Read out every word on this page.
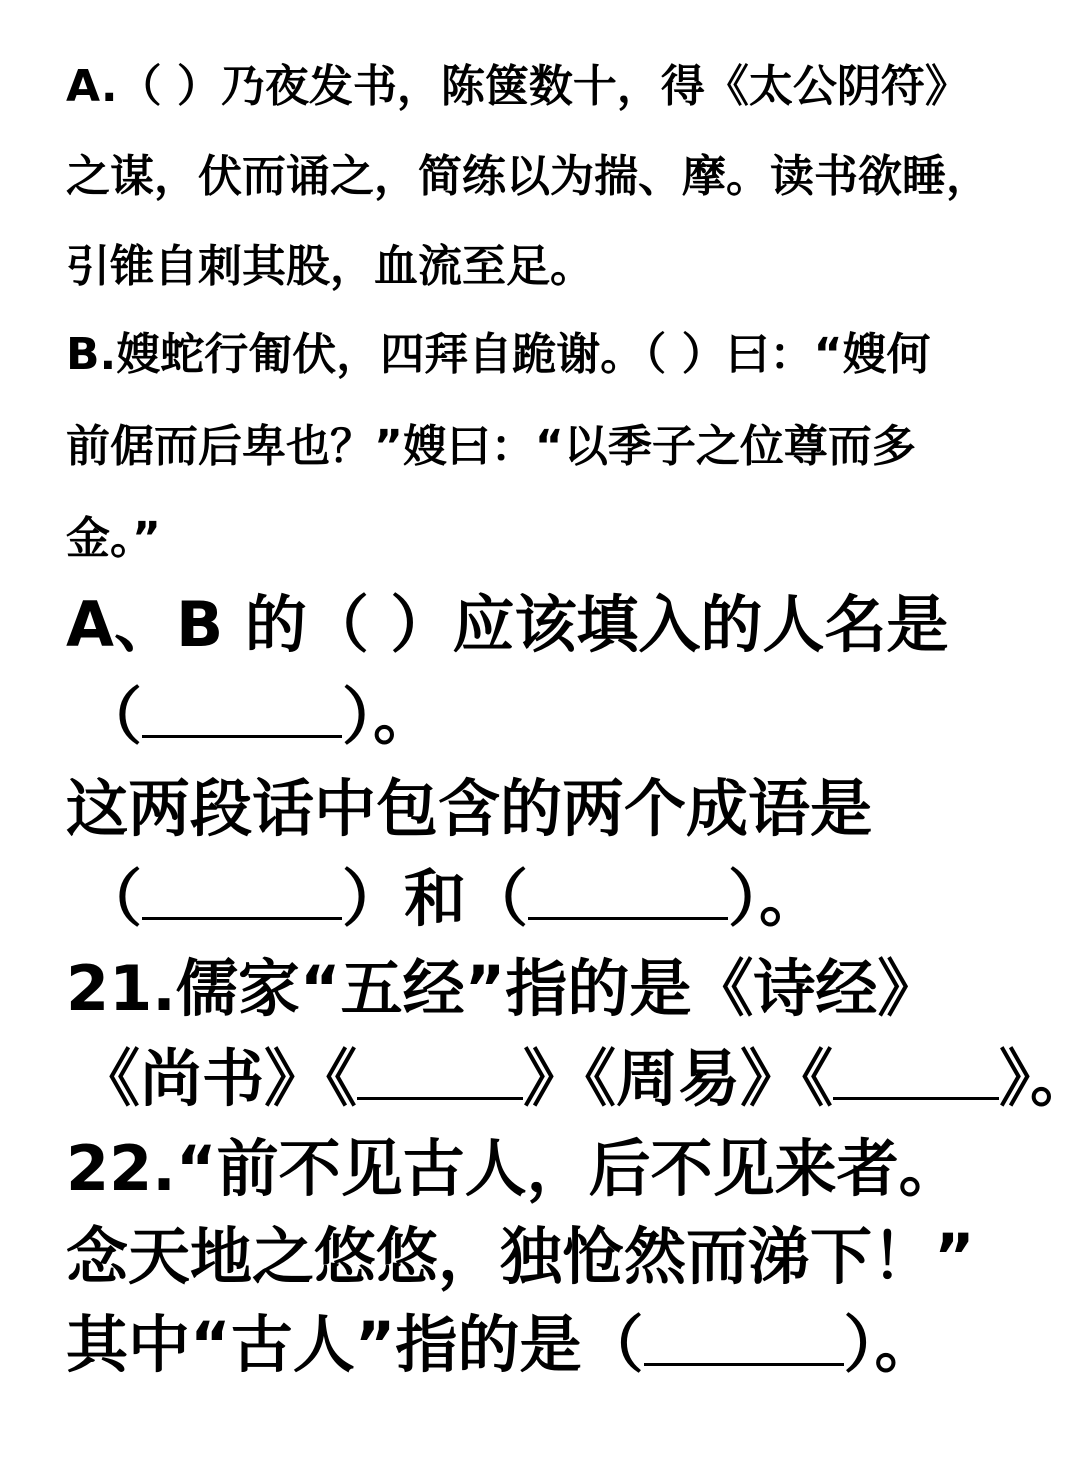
A.（ ）乃夜发书，陈箧数十，得《太公阴符》
之谋，伏而诵之，简练以为揣、摩。读书欲睡，
引锥自刺其股，血流至足。
B.嫂蛇行匍伏，四拜自跪谢。（ ）曰：“嫂何
前倨而后卑也？”嫂曰：“以季子之位尊而多
金。”
A、B 的（ ）应该填入的人名是
（	）。
这两段话中包含的两个成语是
（	）和（	）。
21.儒家“五经”指的是《诗经》
《尚书》《	》《周易》《	》。
22.“前不见古人，后不见来者。
念天地之悠悠，独怆然而涕下！”
其中“古人”指的是（	）。
